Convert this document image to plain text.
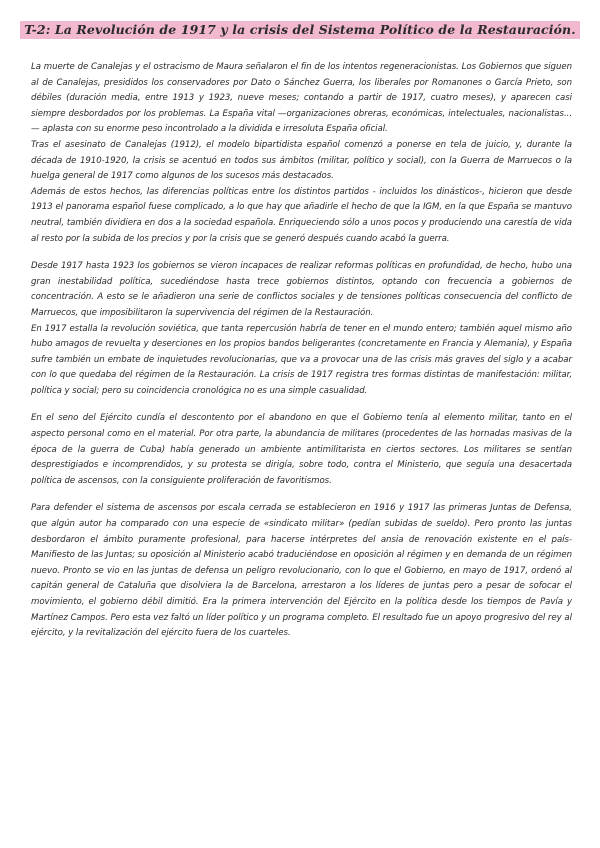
T-2: La Revolución de 1917 y la crisis del Sistema Político de la Restauración.

La muerte de Canalejas y el ostracismo de Maura señalaron el fin de los intentos regeneracionistas. Los Gobiernos que siguen al de Canalejas, presididos los conservadores por Dato o Sánchez Guerra, los liberales por Romanones o García Prieto, son débiles (duración media, entre 1913 y 1923, nueve meses; contando a partir de 1917, cuatro meses), y aparecen casi siempre desbordados por los problemas. La España vital —organizaciones obreras, económicas, intelectuales, nacionalistas...— aplasta con su enorme peso incontrolado a la dividida e irresoluta España oficial.

Tras el asesinato de Canalejas (1912), el modelo bipartidista español comenzó a ponerse en tela de juicio, y, durante la década de 1910-1920, la crisis se acentuó en todos sus ámbitos (militar, político y social), con la Guerra de Marruecos o la huelga general de 1917 como algunos de los sucesos más destacados.

Además de estos hechos, las diferencias políticas entre los distintos partidos - incluidos los dinásticos-, hicieron que desde 1913 el panorama español fuese complicado, a lo que hay que añadirle el hecho de que la IGM, en la que España se mantuvo neutral, también dividiera en dos a la sociedad española. Enriqueciendo sólo a unos pocos y produciendo una carestía de vida al resto por la subida de los precios y por la crisis que se generó después cuando acabó la guerra.

Desde 1917 hasta 1923 los gobiernos se vieron incapaces de realizar reformas políticas en profundidad, de hecho, hubo una gran inestabilidad política, sucediéndose hasta trece gobiernos distintos, optando con frecuencia a gobiernos de concentración. A esto se le añadieron una serie de conflictos sociales y de tensiones políticas consecuencia del conflicto de Marruecos, que imposibilitaron la supervivencia del régimen de la Restauración.

En 1917 estalla la revolución soviética, que tanta repercusión habría de tener en el mundo entero; también aquel mismo año hubo amagos de revuelta y deserciones en los propios bandos beligerantes (concretamente en Francia y Alemania), y España sufre también un embate de inquietudes revolucionarias, que va a provocar una de las crisis más graves del siglo y a acabar con lo que quedaba del régimen de la Restauración. La crisis de 1917 registra tres formas distintas de manifestación: militar, política y social; pero su coincidencia cronológica no es una simple casualidad.

En el seno del Ejército cundía el descontento por el abandono en que el Gobierno tenía al elemento militar, tanto en el aspecto personal como en el material. Por otra parte, la abundancia de militares (procedentes de las hornadas masivas de la época de la guerra de Cuba) había generado un ambiente antimilitarista en ciertos sectores. Los militares se sentían desprestigiados e incomprendidos, y su protesta se dirigía, sobre todo, contra el Ministerio, que seguía una desacertada política de ascensos, con la consiguiente proliferación de favoritismos.

Para defender el sistema de ascensos por escala cerrada se establecieron en 1916 y 1917 las primeras Juntas de Defensa, que algún autor ha comparado con una especie de «sindicato militar» (pedían subidas de sueldo). Pero pronto las juntas desbordaron el ámbito puramente profesional, para hacerse intérpretes del ansia de renovación existente en el país- Manifiesto de las Juntas; su oposición al Ministerio acabó traduciéndose en oposición al régimen y en demanda de un régimen nuevo. Pronto se vio en las juntas de defensa un peligro revolucionario, con lo que el Gobierno, en mayo de 1917, ordenó al capitán general de Cataluña que disolviera la de Barcelona, arrestaron a los líderes de juntas pero a pesar de sofocar el movimiento, el gobierno débil dimitió. Era la primera intervención del Ejército en la política desde los tiempos de Pavía y Martínez Campos. Pero esta vez faltó un líder político y un programa completo. El resultado fue un apoyo progresivo del rey al ejército, y la revitalización del ejército fuera de los cuarteles.
